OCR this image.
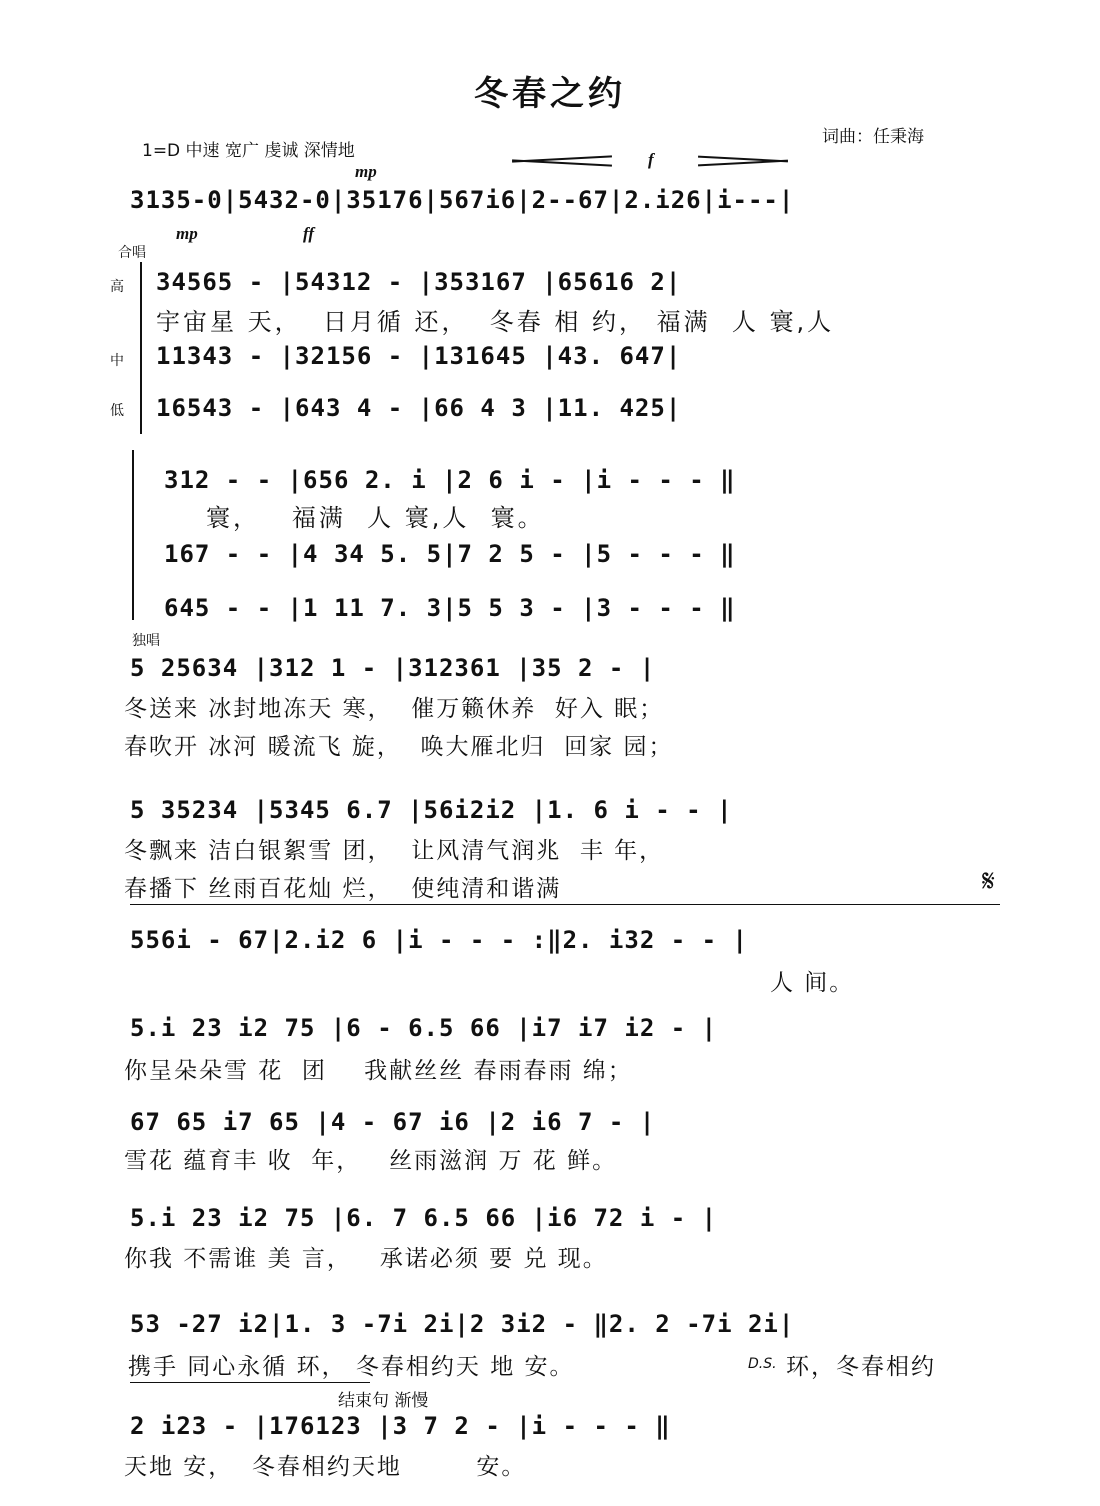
冬春之约
词曲：任秉海
1=D 中速 宽广 虔诚 深情地
mp
f
3135-0|5432-0|35176|567i6|2--67|2.i26|i---|
mp	ff
合唱
高 34565 - |54312 - |353167 |65616 2|
宇宙星 天，  日月循 还，  冬春 相 约， 福满  人 寰,人
中 11343 - |32156 - |131645 |43. 647|
低 16543 - |643 4 - |66 4 3 |11. 425|
312 - - |656 2. i |2 6 i - |i - - - ‖
寰，   福满  人 寰,人  寰。
167 - - |4 34 5. 5|7 2 5 - |5 - - - ‖
645 - - |1 11 7. 3|5 5 3 - |3 - - - ‖
独唱
5 25634 |312 1 - |312361 |35 2 - |
冬送来 冰封地冻天 寒，  催万籁休养  好入 眠；
春吹开 冰河 暖流飞 旋，  唤大雁北归  回家 园；
5 35234 |5345 6.7 |56i2i2 |1. 6 i - - |
冬飘来 洁白银絮雪 团，  让风清气润兆  丰 年，
春播下 丝雨百花灿 烂，  使纯清和谐满	𝄋
556i - 67|2.i2 6 |i - - - :‖2. i32 - - |
人 间。
5.i 23 i2 75 |6 - 6.5 66 |i7 i7 i2 - |
你呈朵朵雪 花  团    我献丝丝 春雨春雨 绵；
67 65 i7 65 |4 - 67 i6 |2 i6 7 - |
雪花 蕴育丰 收  年，   丝雨滋润 万 花 鲜。
5.i 23 i2 75 |6. 7 6.5 66 |i6 72 i - |
你我 不需谁 美 言，   承诺必须 要 兑 现。
53 -27 i2|1. 3 -7i 2i|2 3i2 - ‖2. 2 -7i 2i|
携手 同心永循 环， 冬春相约天 地 安。	D.S. 环，冬春相约
结束句 渐慢
2 i23 - |176123 |3 7 2 - |i - - - ‖
天地 安，  冬春相约天地        安。
